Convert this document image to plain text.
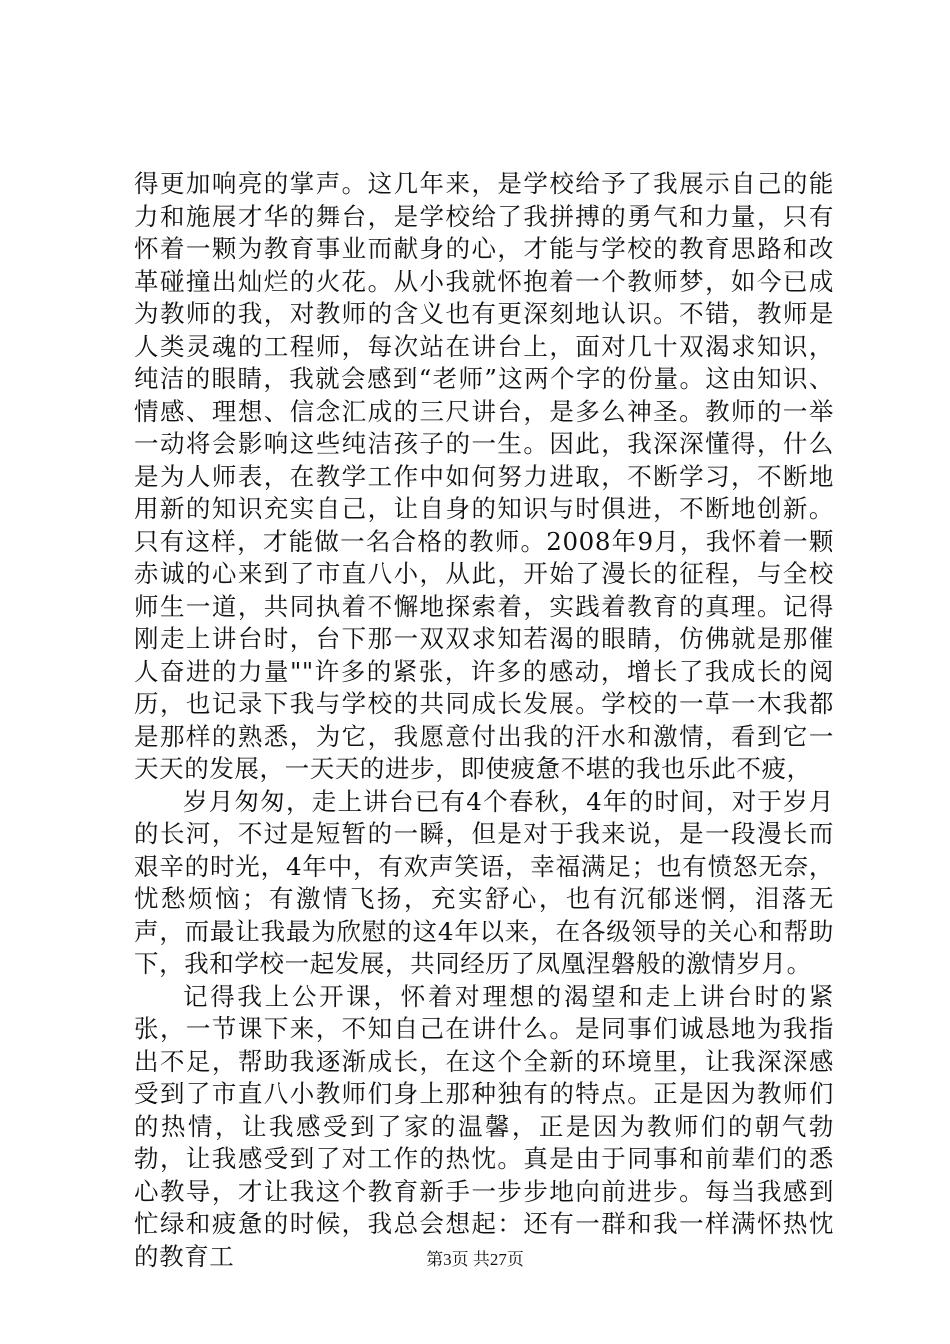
得更加响亮的掌声。这几年来，是学校给予了我展示自己的能力和施展才华的舞台，是学校给了我拼搏的勇气和力量，只有怀着一颗为教育事业而献身的心，才能与学校的教育思路和改革碰撞出灿烂的火花。从小我就怀抱着一个教师梦，如今已成为教师的我，对教师的含义也有更深刻地认识。不错，教师是人类灵魂的工程师，每次站在讲台上，面对几十双渴求知识，纯洁的眼睛，我就会感到“老师”这两个字的份量。这由知识、情感、理想、信念汇成的三尺讲台，是多么神圣。教师的一举一动将会影响这些纯洁孩子的一生。因此，我深深懂得，什么是为人师表，在教学工作中如何努力进取，不断学习，不断地用新的知识充实自己，让自身的知识与时俱进，不断地创新。只有这样，才能做一名合格的教师。2008年9月，我怀着一颗赤诚的心来到了市直八小，从此，开始了漫长的征程，与全校师生一道，共同执着不懈地探索着，实践着教育的真理。记得刚走上讲台时，台下那一双双求知若渴的眼睛，仿佛就是那催人奋进的力量""许多的紧张，许多的感动，增长了我成长的阅历，也记录下我与学校的共同成长发展。学校的一草一木我都是那样的熟悉，为它，我愿意付出我的汗水和激情，看到它一天天的发展，一天天的进步，即使疲惫不堪的我也乐此不疲，

岁月匆匆，走上讲台已有4个春秋，4年的时间，对于岁月的长河，不过是短暂的一瞬，但是对于我来说，是一段漫长而艰辛的时光，4年中，有欢声笑语，幸福满足；也有愤怒无奈，忧愁烦恼；有激情飞扬，充实舒心，也有沉郁迷惘，泪落无声，而最让我最为欣慰的这4年以来，在各级领导的关心和帮助下，我和学校一起发展，共同经历了凤凰涅磐般的激情岁月。

记得我上公开课，怀着对理想的渴望和走上讲台时的紧张，一节课下来，不知自己在讲什么。是同事们诚恳地为我指出不足，帮助我逐渐成长，在这个全新的环境里，让我深深感受到了市直八小教师们身上那种独有的特点。正是因为教师们的热情，让我感受到了家的温馨，正是因为教师们的朝气勃勃，让我感受到了对工作的热忱。真是由于同事和前辈们的悉心教导，才让我这个教育新手一步步地向前进步。每当我感到忙绿和疲惫的时候，我总会想起：还有一群和我一样满怀热忱的教育工	第3页 共27页
